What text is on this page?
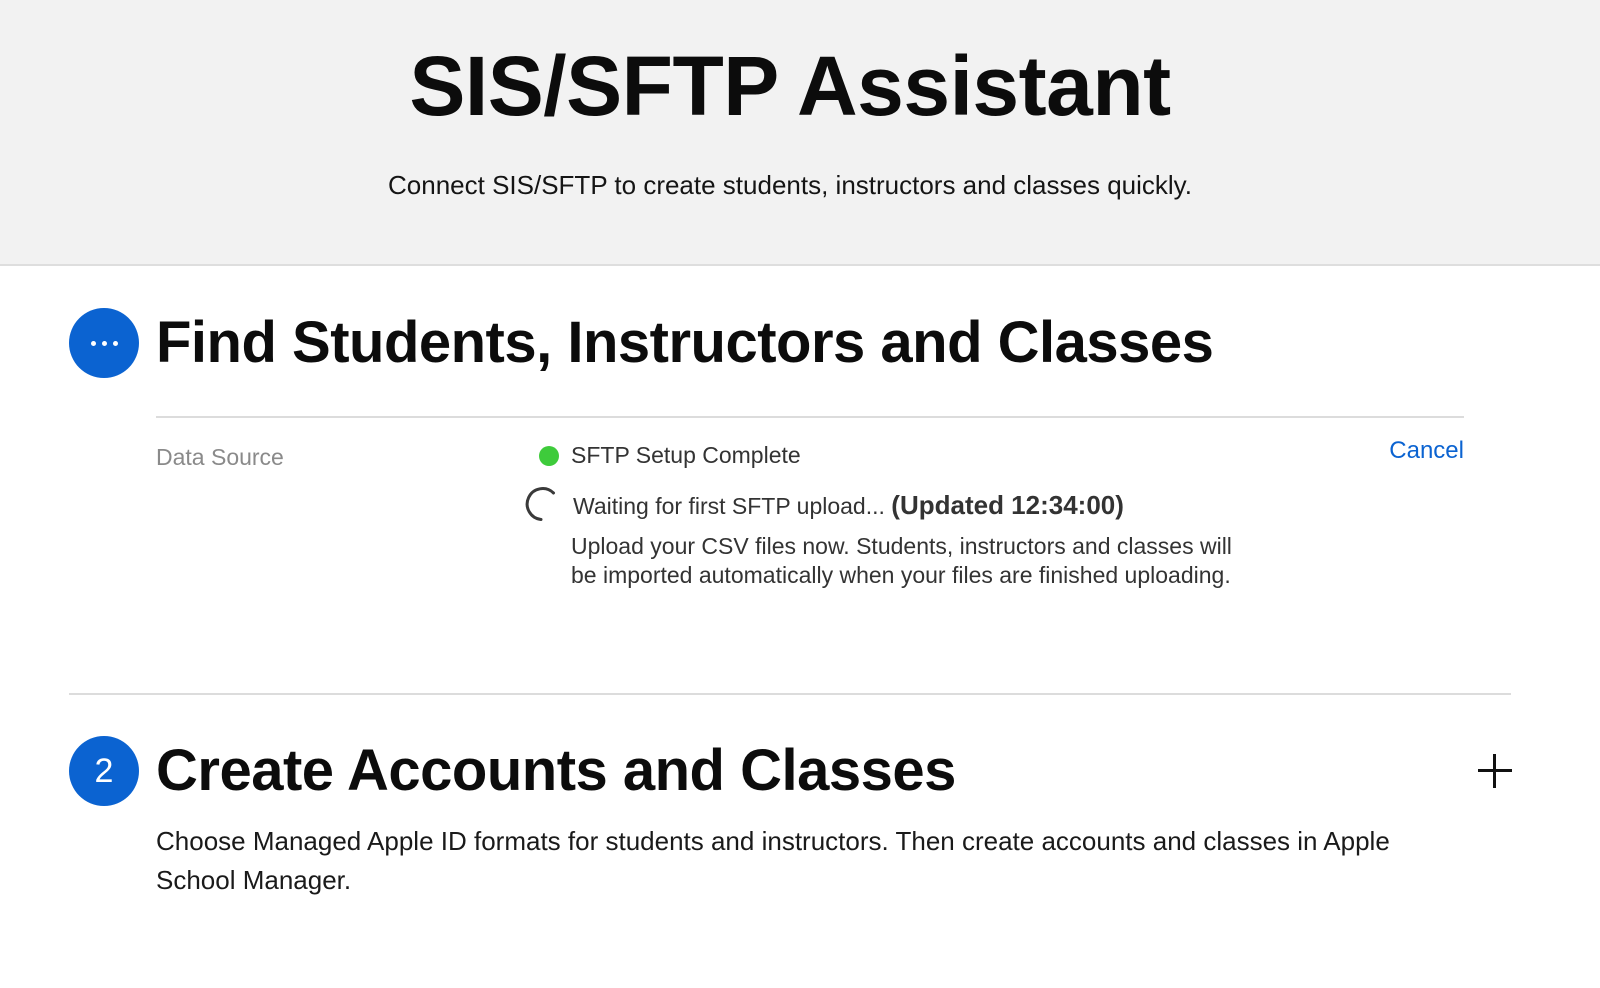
SIS/SFTP Assistant
Connect SIS/SFTP to create students, instructors and classes quickly.
Find Students, Instructors and Classes
Data Source	SFTP Setup Complete	Cancel
Waiting for first SFTP upload... (Updated 12:34:00)
Upload your CSV files now. Students, instructors and classes will be imported automatically when your files are finished uploading.
2 Create Accounts and Classes
Choose Managed Apple ID formats for students and instructors. Then create accounts and classes in Apple School Manager.
